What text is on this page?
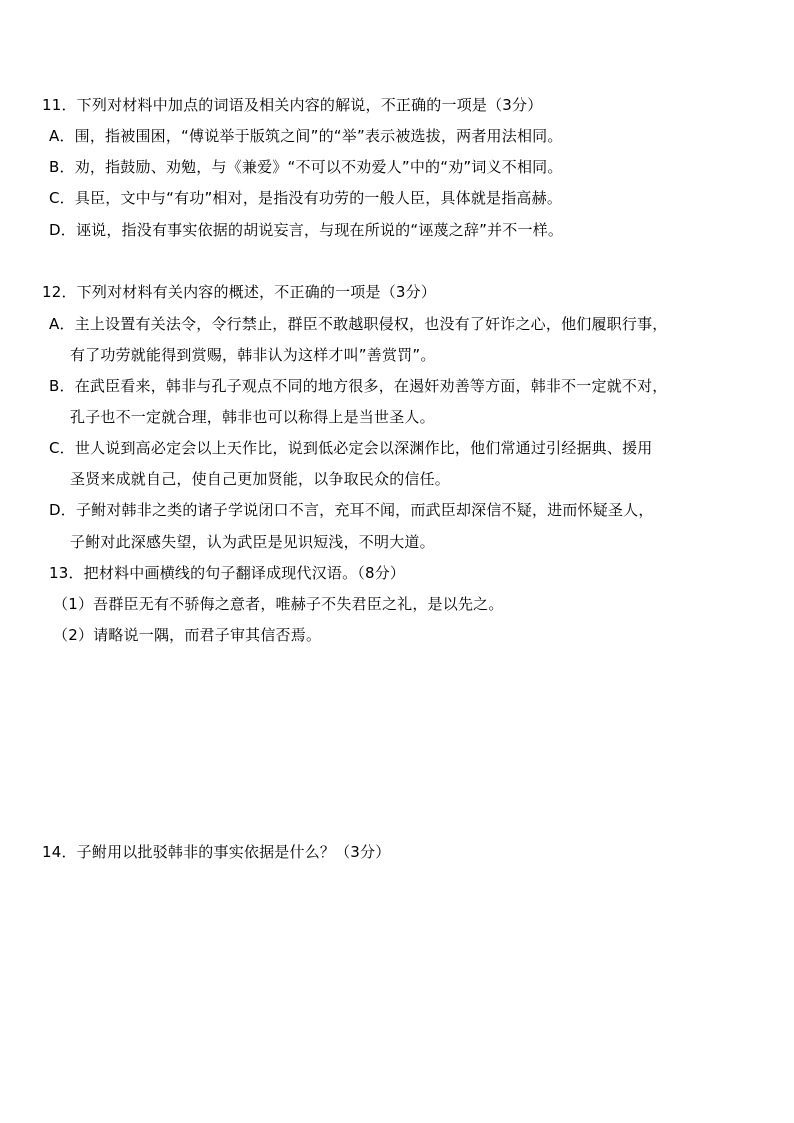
11．下列对材料中加点的词语及相关内容的解说，不正确的一项是（3分）
A．围，指被围困，“傅说举于版筑之间”的“举”表示被选拔，两者用法相同。
B．劝，指鼓励、劝勉，与《兼爱》“不可以不劝爱人”中的“劝”词义不相同。
C．具臣，文中与“有功”相对，是指没有功劳的一般人臣，具体就是指高赫。
D．诬说，指没有事实依据的胡说妄言，与现在所说的“诬蔑之辞”并不一样。
12．下列对材料有关内容的概述，不正确的一项是（3分）
A．主上设置有关法令，令行禁止，群臣不敢越职侵权，也没有了奸诈之心，他们履职行事，
有了功劳就能得到赏赐，韩非认为这样才叫”善赏罚”。
B．在武臣看来，韩非与孔子观点不同的地方很多，在遏奸劝善等方面，韩非不一定就不对，
孔子也不一定就合理，韩非也可以称得上是当世圣人。
C．世人说到高必定会以上天作比，说到低必定会以深渊作比，他们常通过引经据典、援用
圣贤来成就自己，使自己更加贤能，以争取民众的信任。
D．子鲋对韩非之类的诸子学说闭口不言，充耳不闻，而武臣却深信不疑，进而怀疑圣人，
子鲋对此深感失望，认为武臣是见识短浅，不明大道。
13．把材料中画横线的句子翻译成现代汉语。（8分）
（1）吾群臣无有不骄侮之意者，唯赫子不失君臣之礼，是以先之。
（2）请略说一隅，而君子审其信否焉。
14．子鲋用以批驳韩非的事实依据是什么？（3分）
